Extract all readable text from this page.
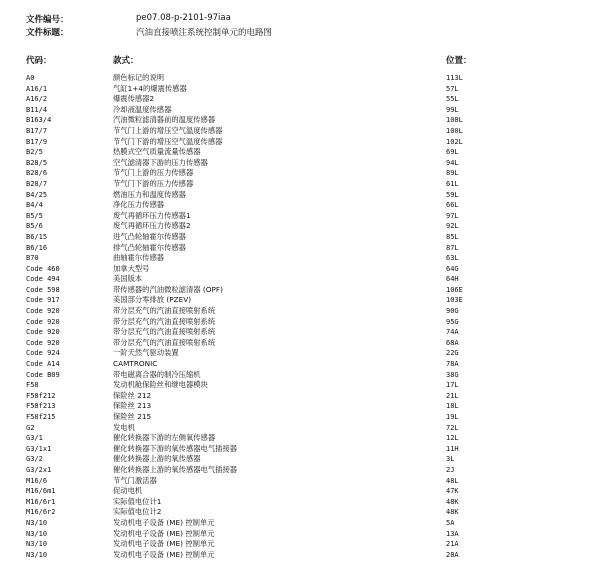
文件编号：	pe07.08-p-2101-97iaa
文件标题：	汽油直接喷注系统控制单元的电路图
代码：	款式：	位置：
A0	颜色标记的说明	113L
A16/1	气缸1+4的爆震传感器	57L
A16/2	爆震传感器2	55L
B11/4	冷却液温度传感器	99L
B163/4	汽油微粒滤清器前的温度传感器	108L
B17/7	节气门上游的增压空气温度传感器	100L
B17/9	节气门下游的增压空气温度传感器	102L
B2/5	热膜式空气质量流量传感器	69L
B28/5	空气滤清器下游的压力传感器	94L
B28/6	节气门上游的压力传感器	89L
B28/7	节气门下游的压力传感器	61L
B4/25	燃油压力和温度传感器	59L
B4/4	净化压力传感器	66L
B5/5	废气再循环压力传感器1	97L
B5/6	废气再循环压力传感器2	92L
B6/15	进气凸轮轴霍尔传感器	85L
B6/16	排气凸轮轴霍尔传感器	87L
B70	曲轴霍尔传感器	63L
Code 460	加拿大型号	64G
Code 494	美国版本	64H
Code 598	带传感器的汽油微粒滤清器 (OPF)	106E
Code 917	美国部分零排放 (PZEV)	103E
Code 920	带分层充气的汽油直接喷射系统	90G
Code 920	带分层充气的汽油直接喷射系统	95G
Code 920	带分层充气的汽油直接喷射系统	74A
Code 920	带分层充气的汽油直接喷射系统	68A
Code 924	一阶天然气驱动装置	22G
Code A14	CAMTRONIC	78A
Code B09	带电磁离合器的制冷压缩机	38G
F58	发动机舱保险丝和继电器模块	17L
F58f212	保险丝 212	21L
F58f213	保险丝 213	18L
F58f215	保险丝 215	19L
G2	发电机	72L
G3/1	催化转换器下游的左侧氧传感器	12L
G3/1x1	催化转换器下游的氧传感器电气插接器	11H
G3/2	催化转换器上游的氧传感器	3L
G3/2x1	催化转换器上游的氧传感器电气插接器	2J
M16/6	节气门激活器	48L
M16/6m1	促动电机	47K
M16/6r1	实际值电位计1	48K
M16/6r2	实际值电位计2	48K
N3/10	发动机电子设备 (ME) 控制单元	5A
N3/10	发动机电子设备 (ME) 控制单元	13A
N3/10	发动机电子设备 (ME) 控制单元	21A
N3/10	发动机电子设备 (ME) 控制单元	28A
